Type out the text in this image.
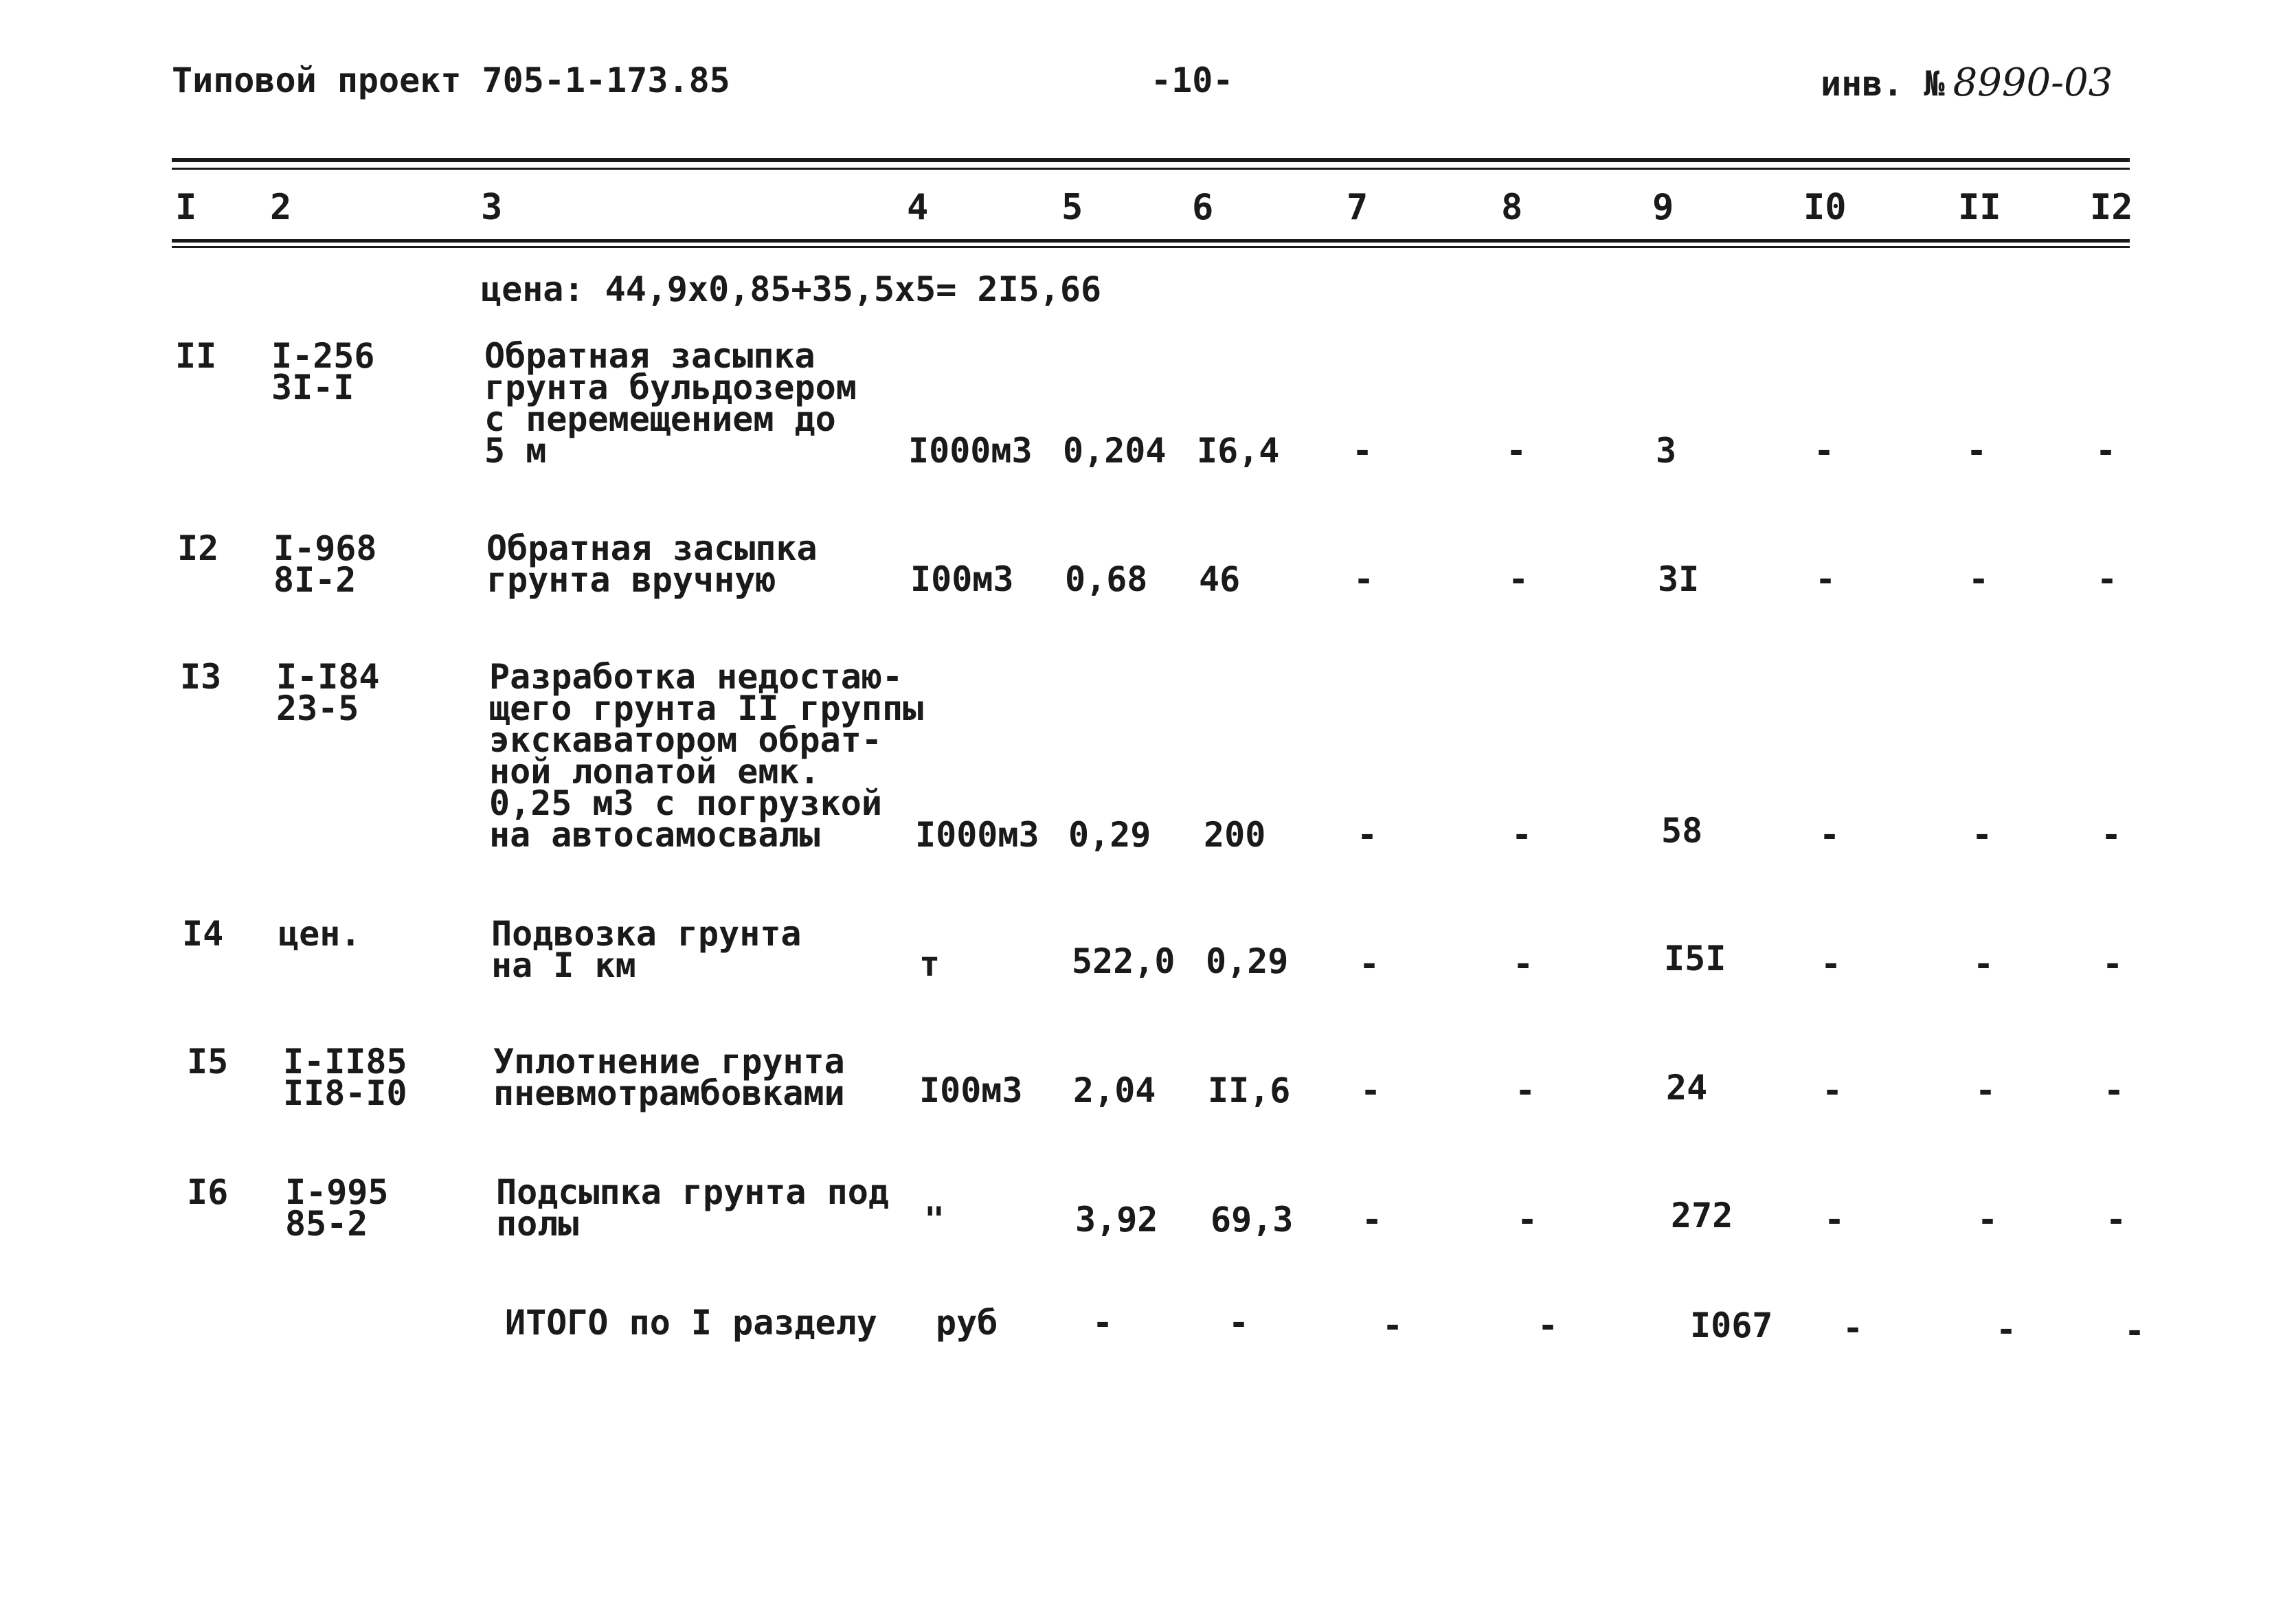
Типовой проект 705-1-173.85	-10-	инв. № 8990-03
I 2	3	4	5	6	7	8	9	I0	II I2
цена: 44,9х0,85+35,5х5= 2I5,66
II I-256
3I-I
Обратная засыпка
грунта бульдозером
с перемещением до
5 м	I000м3 0,204 I6,4 -	-	3	-	-	-
I2 I-968
8I-2
Обратная засыпка
грунта вручную	I00м3 0,68 46	-	-	3I	-	-	-
I3 I-I84
23-5
Разработка недостаю-
щего грунта II группы
экскаватором обрат-
ной лопатой емк.
0,25 м3 с погрузкой
на автосамосвалы	I000м3 0,29 200	-	-	58	-	-	-
I4 цен.	Подвозка грунта
на I км	т	522,0 0,29 -	-	I5I	-	-	-
I5 I-II85
II8-I0
Уплотнение грунта
пневмотрамбовками I00м3 2,04 II,6 -	-	24	-	-	-
I6 I-995
85-2
Подсыпка грунта под
полы	"	3,92 69,3 -	-	272	-	-	-
ИТОГО по I разделу руб	-	-	-	-	I067 -	-	-
